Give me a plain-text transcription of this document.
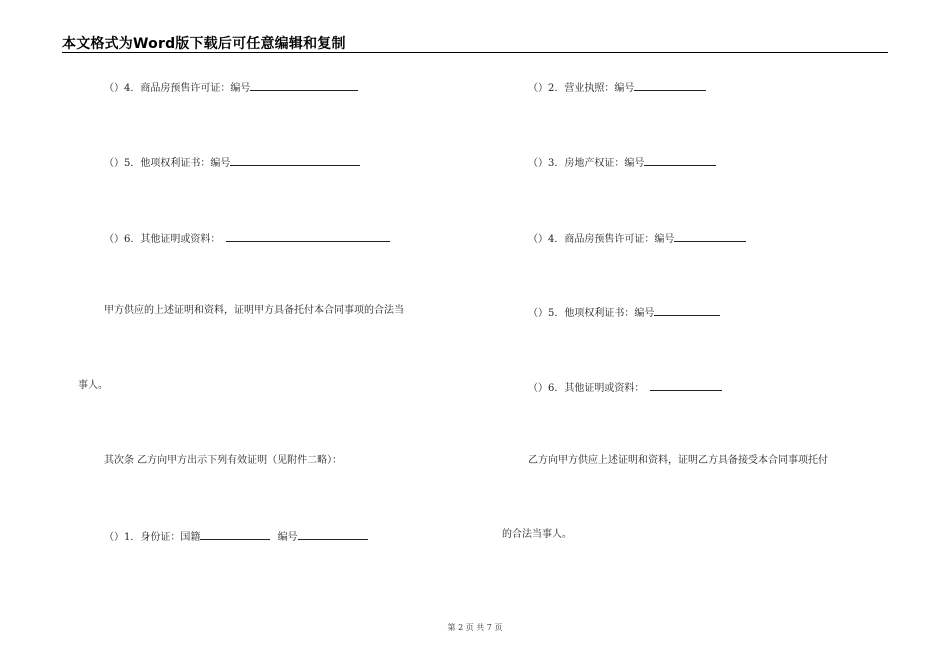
本文格式为Word版下载后可任意编辑和复制
（）4．商品房预售许可证：编号
（）5．他项权利证书：编号
（）6．其他证明或资料：
甲方供应的上述证明和资料，证明甲方具备托付本合同事项的合法当
事人。
其次条 乙方向甲方出示下列有效证明（见附件二略）：
（）1．身份证：国籍	编号
（）2．营业执照：编号
（）3．房地产权证：编号
（）4．商品房预售许可证：编号
（）5．他项权利证书：编号
（）6．其他证明或资料：
乙方向甲方供应上述证明和资料，证明乙方具备接受本合同事项托付
的合法当事人。
第 2 页 共 7 页
